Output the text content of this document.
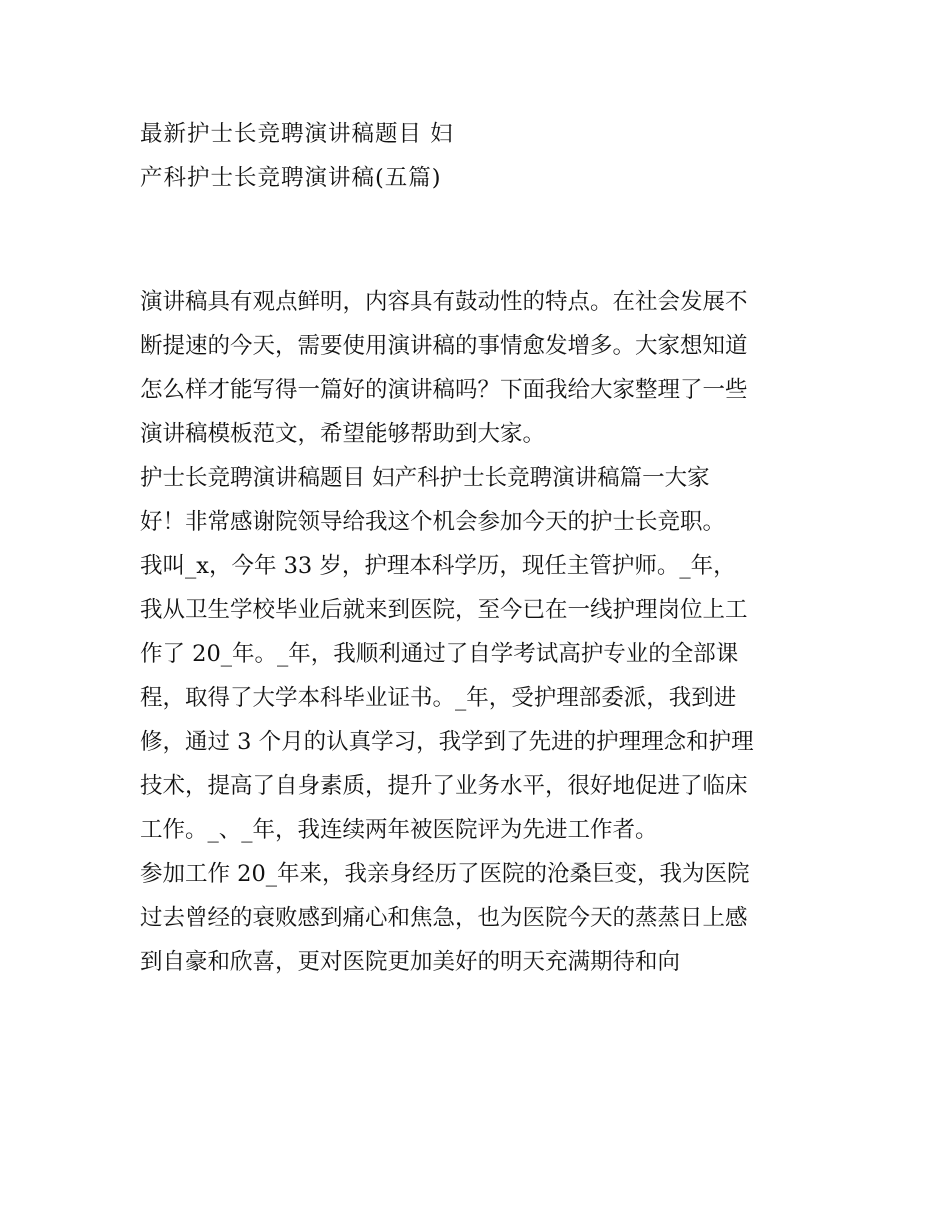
最新护士长竞聘演讲稿题目 妇
产科护士长竞聘演讲稿(五篇)
演讲稿具有观点鲜明，内容具有鼓动性的特点。在社会发展不
断提速的今天，需要使用演讲稿的事情愈发增多。大家想知道
怎么样才能写得一篇好的演讲稿吗？下面我给大家整理了一些
演讲稿模板范文，希望能够帮助到大家。
护士长竞聘演讲稿题目 妇产科护士长竞聘演讲稿篇一大家
好！非常感谢院领导给我这个机会参加今天的护士长竞职。
我叫_x，今年 33 岁，护理本科学历，现任主管护师。_年，
我从卫生学校毕业后就来到医院，至今已在一线护理岗位上工
作了 20_年。_年，我顺利通过了自学考试高护专业的全部课
程，取得了大学本科毕业证书。_年，受护理部委派，我到进
修，通过 3 个月的认真学习，我学到了先进的护理理念和护理
技术，提高了自身素质，提升了业务水平，很好地促进了临床
工作。_、_年，我连续两年被医院评为先进工作者。
参加工作 20_年来，我亲身经历了医院的沧桑巨变，我为医院
过去曾经的衰败感到痛心和焦急，也为医院今天的蒸蒸日上感
到自豪和欣喜，更对医院更加美好的明天充满期待和向
